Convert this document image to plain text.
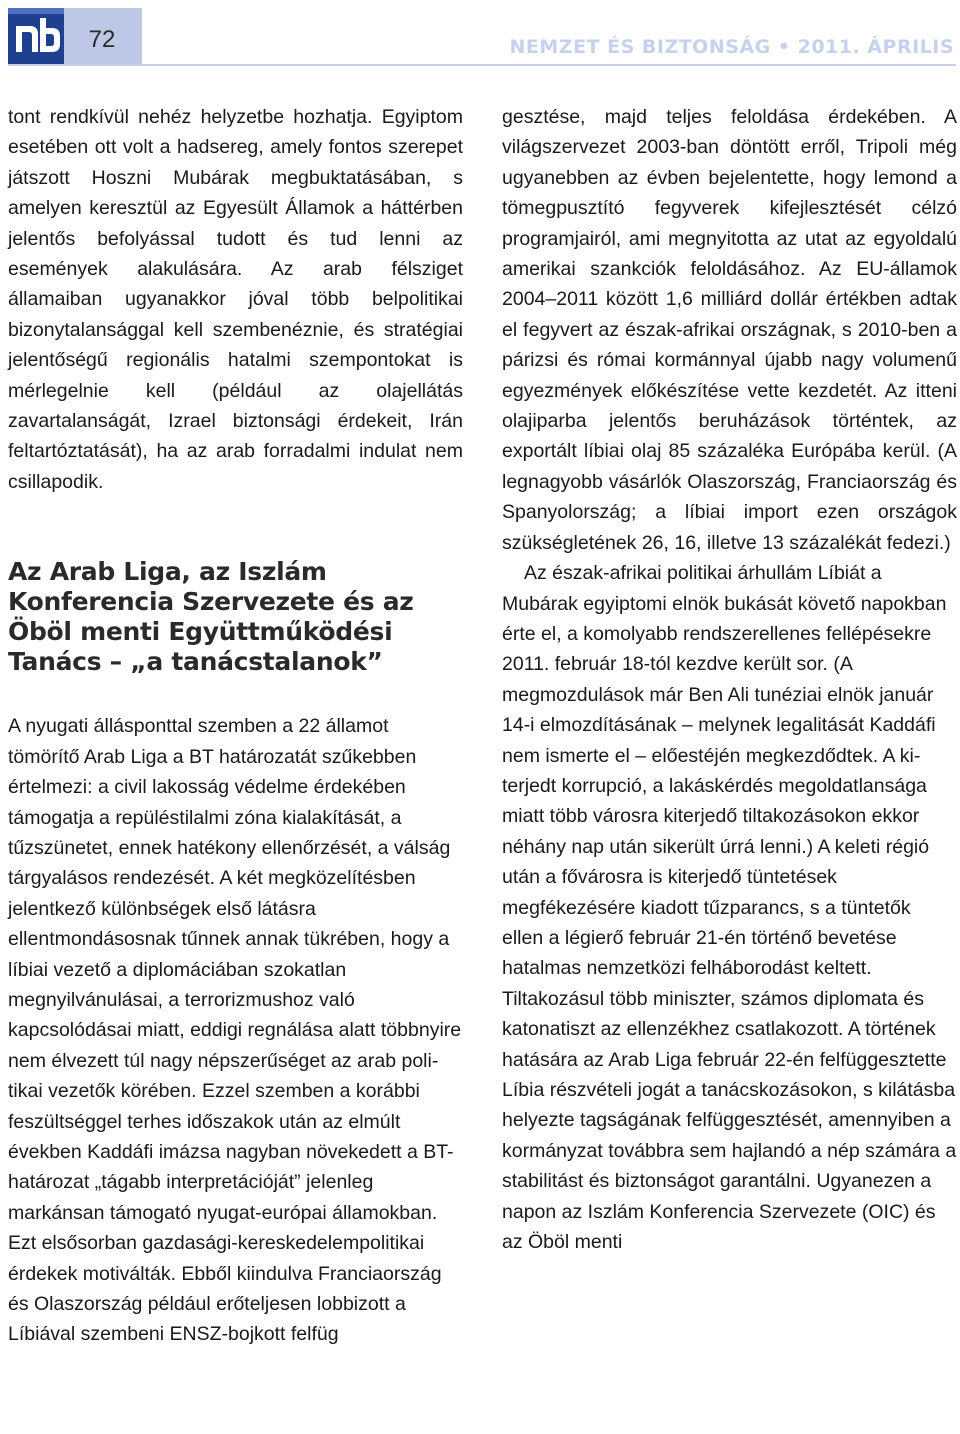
72	NEMZET ÉS BIZTONSÁG • 2011. ÁPRILIS

tont rendkívül nehéz helyzetbe hozhatja. Egyiptom esetében ott volt a hadsereg, amely fontos szerepet játszott Hoszni Mubárak megbuktatásában, s amelyen keresztül az Egyesült Államok a háttérben jelentős befolyással tudott és tud lenni az események alakulására. Az arab félsziget államaiban ugyanakkor jóval több belpolitikai bizonytalansággal kell szembenéznie, és stratégiai jelentőségű regionális hatalmi szempontokat is mérlegelnie kell (például az olajellátás zavartalanságát, Izrael biztonsági érdekeit, Irán feltartóztatását), ha az arab forradalmi indulat nem csillapodik.

Az Arab Liga, az Iszlám Konferencia Szervezete és az Öböl menti Együttműködési Tanács – „a tanácstalanok”

A nyugati állásponttal szemben a 22 államot tömörítő Arab Liga a BT határozatát szűkebben értelmezi: a civil lakosság védelme érdekében támogatja a repüléstilalmi zóna kialakítását, a tűzszünetet, ennek hatékony ellenőrzését, a válság tárgyalásos rendezését. A két megközelítésben jelentkező különbségek első látásra ellentmondásosnak tűnnek annak tükrében, hogy a líbiai vezető a diplomáciában szokatlan megnyilvánulásai, a terrorizmushoz való kapcsolódásai miatt, eddigi regnálása alatt többnyire nem élvezett túl nagy népszerűséget az arab politikai vezetők körében. Ezzel szemben a korábbi feszültséggel terhes időszakok után az elmúlt években Kaddáfi imázsa nagyban növekedett a BT-határozat „tágabb interpretációját” jelenleg markánsan támogató nyugat-európai államokban. Ezt elsősorban gazdasági-kereskedelempolitikai érdekek motiválták. Ebből kiindulva Franciaország és Olaszország például erőteljesen lobbizott a Líbiával szembeni ENSZ-bojkott felfüg

gesztése, majd teljes feloldása érdekében. A világszervezet 2003-ban döntött erről, Tripoli még ugyanebben az évben bejelentette, hogy lemond a tömegpusztító fegyverek kifejlesztését célzó programjairól, ami megnyitotta az utat az egyoldalú amerikai szankciók feloldásához. Az EU-államok 2004–2011 között 1,6 milliárd dollár értékben adtak el fegyvert az észak-afrikai országnak, s 2010-ben a párizsi és római kormánnyal újabb nagy volumenű egyezmények előkészítése vette kezdetét. Az itteni olajiparba jelentős beruházások történtek, az exportált líbiai olaj 85 százaléka Európába kerül. (A legnagyobb vásárlók Olaszország, Franciaország és Spanyolország; a líbiai import ezen országok szükségletének 26, 16, illetve 13 százalékát fedezi.)

Az észak-afrikai politikai árhullám Líbiát a Mubárak egyiptomi elnök bukását követő napokban érte el, a komolyabb rendszerellenes fellépésekre 2011. február 18-tól kezdve került sor. (A megmozdulások már Ben Ali tunéziai elnök január 14-i elmozdításának – melynek legalitását Kaddáfi nem ismerte el – előestéjén megkezdődtek. A kiterjedt korrupció, a lakáskérdés megoldatlansága miatt több városra kiterjedő tiltakozásokon ekkor néhány nap után sikerült úrrá lenni.) A keleti régió után a fővárosra is kiterjedő tüntetések megfékezésére kiadott tűzparancs, s a tüntetők ellen a légierő február 21-én történő bevetése hatalmas nemzetközi felháborodást keltett. Tiltakozásul több miniszter, számos diplomata és katonatiszt az ellenzékhez csatlakozott. A történek hatására az Arab Liga február 22-én felfüggesztette Líbia részvételi jogát a tanácskozásokon, s kilátásba helyezte tagságának felfüggesztését, amennyiben a kormányzat továbbra sem hajlandó a nép számára a stabilitást és biztonságot garantálni. Ugyanezen a napon az Iszlám Konferencia Szervezete (OIC) és az Öböl menti
